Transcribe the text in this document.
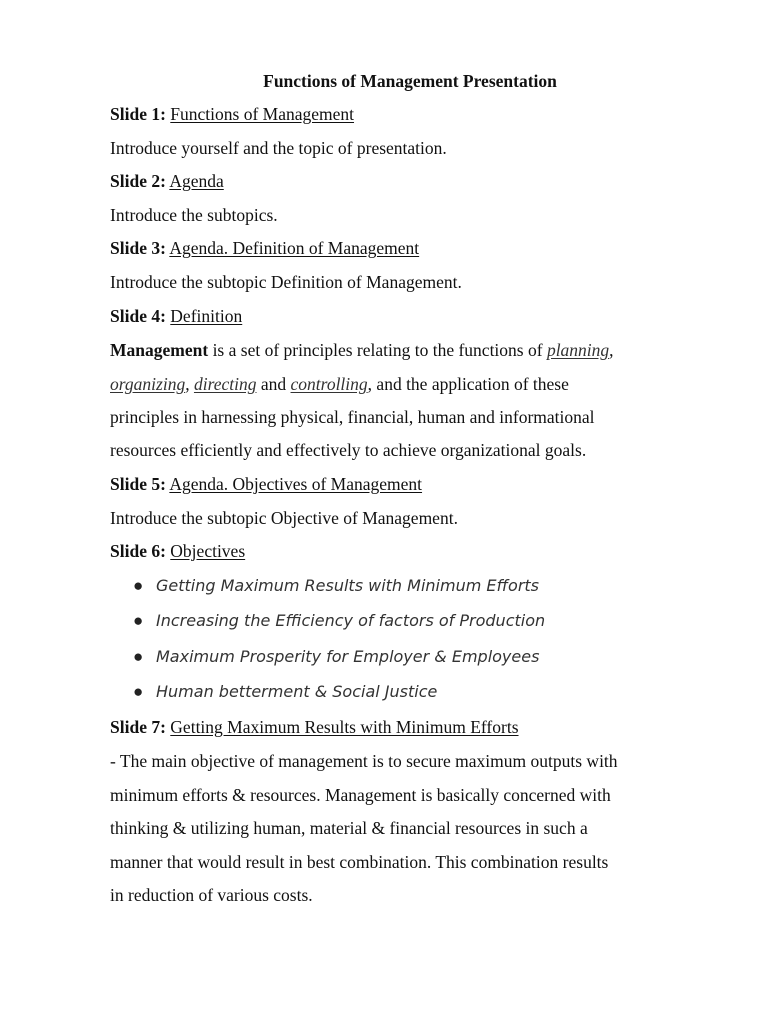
Functions of Management Presentation
Slide 1: Functions of Management
Introduce yourself and the topic of presentation.
Slide 2: Agenda
Introduce the subtopics.
Slide 3: Agenda. Definition of Management
Introduce the subtopic Definition of Management.
Slide 4: Definition
Management is a set of principles relating to the functions of planning,
organizing, directing and controlling, and the application of these
principles in harnessing physical, financial, human and informational
resources efficiently and effectively to achieve organizational goals.
Slide 5: Agenda. Objectives of Management
Introduce the subtopic Objective of Management.
Slide 6: Objectives
● Getting Maximum Results with Minimum Efforts
● Increasing the Efficiency of factors of Production
● Maximum Prosperity for Employer & Employees
● Human betterment & Social Justice
Slide 7: Getting Maximum Results with Minimum Efforts
- The main objective of management is to secure maximum outputs with
minimum efforts & resources. Management is basically concerned with
thinking & utilizing human, material & financial resources in such a
manner that would result in best combination. This combination results
in reduction of various costs.
